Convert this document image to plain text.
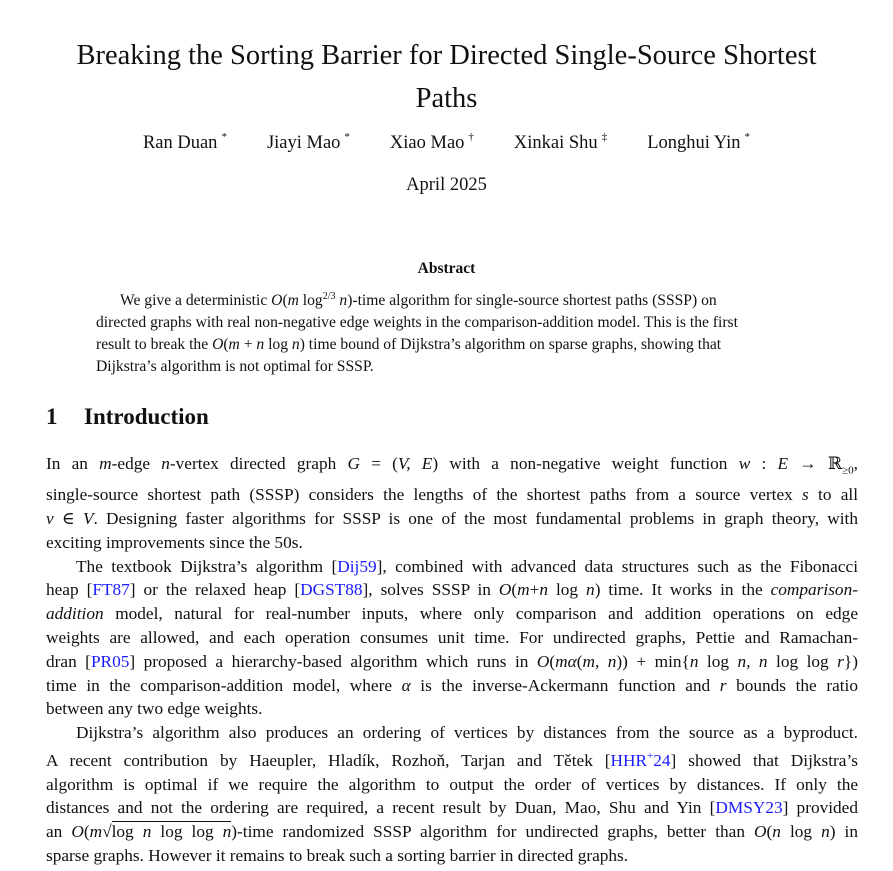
Breaking the Sorting Barrier for Directed Single-Source Shortest
Paths
Ran Duan * Jiayi Mao * Xiao Mao † Xinkai Shu ‡ Longhui Yin *
April 2025
Abstract
We give a deterministic O(m $\log^{2/3}$ n)-time algorithm for single-source shortest paths (SSSP) on
directed graphs with real non-negative edge weights in the comparison-addition model. This is the first
result to break the O(m + n log n) time bound of Dijkstra’s algorithm on sparse graphs, showing that
Dijkstra’s algorithm is not optimal for SSSP.
1 Introduction
In an m-edge n-vertex directed graph G = (V, E) with a non-negative weight function w : E → ℝ$_{\ge 0}$,
single-source shortest path (SSSP) considers the lengths of the shortest paths from a source vertex s to all
v ∈ V. Designing faster algorithms for SSSP is one of the most fundamental problems in graph theory, with
exciting improvements since the 50s.
The textbook Dijkstra’s algorithm [Dij59], combined with advanced data structures such as the Fibonacci
heap [FT87] or the relaxed heap [DGST88], solves SSSP in O(m+n log n) time. It works in the comparison-
addition model, natural for real-number inputs, where only comparison and addition operations on edge
weights are allowed, and each operation consumes unit time. For undirected graphs, Pettie and Ramachan-
dran [PR05] proposed a hierarchy-based algorithm which runs in O(mα(m, n)) + min{n log n, n log log r})
time in the comparison-addition model, where α is the inverse-Ackermann function and r bounds the ratio
between any two edge weights.
Dijkstra’s algorithm also produces an ordering of vertices by distances from the source as a byproduct.
A recent contribution by Haeupler, Hladík, Rozhoň, Tarjan and Tětek [HHR+24] showed that Dijkstra’s
algorithm is optimal if we require the algorithm to output the order of vertices by distances. If only the
distances and not the ordering are required, a recent result by Duan, Mao, Shu and Yin [DMSY23] provided
an O(m√log n log log n)-time randomized SSSP algorithm for undirected graphs, better than O(n log n) in
sparse graphs. However it remains to break such a sorting barrier in directed graphs.
